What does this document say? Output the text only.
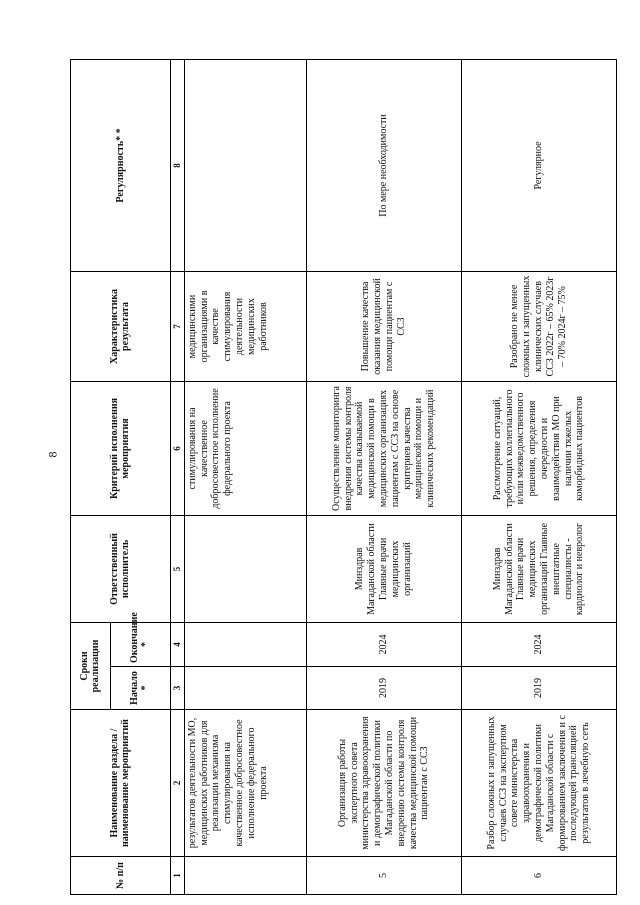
8
№ п/п	Наименование раздела /наименование мероприятий	Сроки реализации		Ответственный исполнитель	Критерий исполнения мероприятия	Характеристика результата	Регулярность* *
		Начало *	Окончание *				
1	2	3	4	5	6	7	8
	результатов деятельности МО, медицинских работников для реализации механизма стимулирования на качественное добросовестное исполнение федерального проекта				стимулирования на качественное добросовестное исполнение федерального проекта	медицинскими организациями в качестве стимулирования деятельности медицинских работников	
5	Организация работы экспертного совета министерства здравоохранения и демографической политики Магаданской области по внедрению системы контроля качества медицинской помощи пациентам с ССЗ	2019	2024	Минздрав Магаданской области Главные врачи медицинских организаций	Осуществление мониторинга внедрения системы контроля качества оказываемой медицинской помощи в медицинских организациях пациентам с ССЗ на основе критериев качества медицинской помощи и клинических рекомендаций	Повышение качества оказания медицинской помощи пациентам с ССЗ	По мере необходимости
6	Разбор сложных и запущенных случаев ССЗ на экспертном совете министерства здравоохранения и демографической политики Магаданской области с формированием заключения и с последующей трансляцией результатов в лечебную сеть	2019	2024	Минздрав Магаданской области Главные врачи медицинских организаций Главные внештатные специалисты - кардиолог и невролог	Рассмотрение ситуаций, требующих коллегиального и/или межведомственного решения, определения очередности и взаимодействия МО при наличии тяжелых коморбидных пациентов	Разобрано не менее сложных и запущенных клинических случаев ССЗ 2022г – 65% 2023г – 70% 2024г – 75%	Регулярное
